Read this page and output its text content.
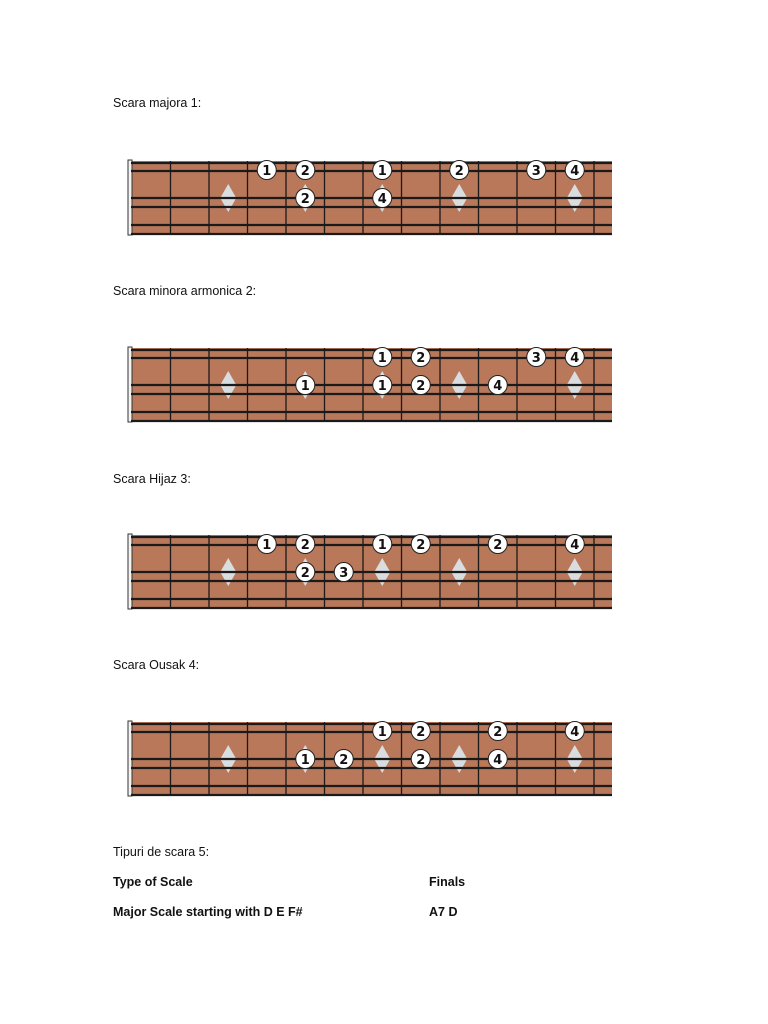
Scara majora 1:
1 2	1	2	3 4
2	4
Scara minora armonica 2:
1 2	3 4
1	1 2	4
Scara Hijaz 3:
1 2	1 2	2	4
2 3
Scara Ousak 4:
1 2	2	4
1 2	2	4
Tipuri de scara 5:
Type of Scale	Finals
Major Scale starting with D E F#	A7 D
